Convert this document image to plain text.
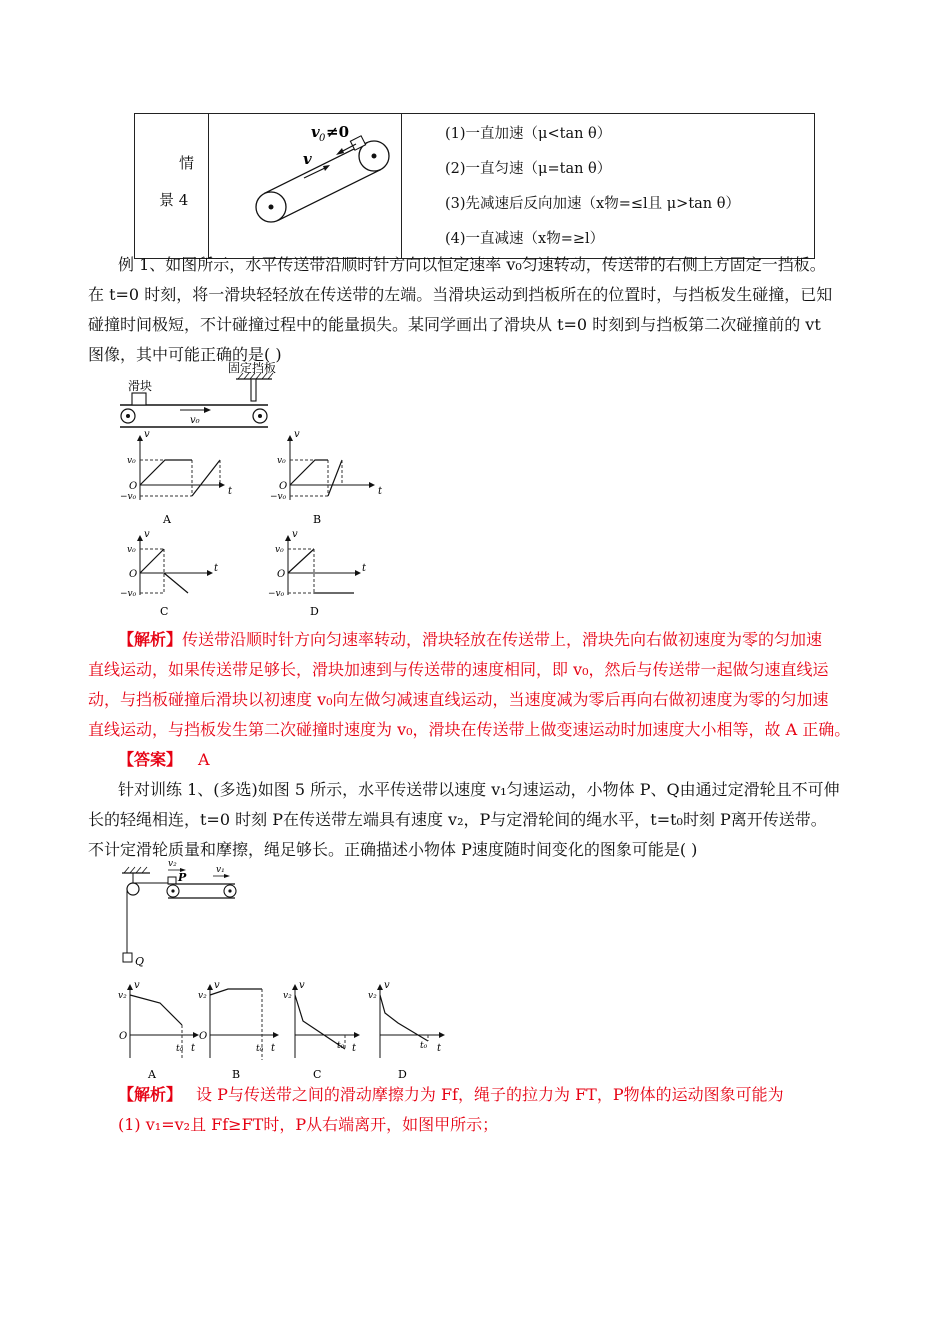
情
景 4

v 0 ≠0
v

(1)一直加速（μ<tan θ）
(2)一直匀速（μ=tan θ）
(3)先减速后反向加速（x物=≤l且 μ>tan θ）
(4)一直减速（x物=≥l）
例 1、如图所示，水平传送带沿顺时针方向以恒定速率 v₀匀速转动，传送带的右侧上方固定一挡板。
在 t=0 时刻，将一滑块轻轻放在传送带的左端。当滑块运动到挡板所在的位置时，与挡板发生碰撞，已知
碰撞时间极短，不计碰撞过程中的能量损失。某同学画出了滑块从 t=0 时刻到与挡板第二次碰撞前的 vt
图像，其中可能正确的是( )
滑块
v₀
固定挡板
v
t
O
v₀
−v₀
A
v
t
O
v₀
−v₀
B
v
t
O
v₀
−v₀
C
v
t
O
v₀
−v₀
D
【解析】传送带沿顺时针方向匀速率转动，滑块轻放在传送带上，滑块先向右做初速度为零的匀加速
直线运动，如果传送带足够长，滑块加速到与传送带的速度相同，即 v₀，然后与传送带一起做匀速直线运
动，与挡板碰撞后滑块以初速度 v₀向左做匀减速直线运动，当速度减为零后再向右做初速度为零的匀加速
直线运动，与挡板发生第二次碰撞时速度为 v₀，滑块在传送带上做变速运动时加速度大小相等，故 A 正确。
【答案】 A
针对训练 1、(多选)如图 5 所示，水平传送带以速度 v₁匀速运动，小物体 P、Q由通过定滑轮且不可伸
长的轻绳相连，t=0 时刻 P在传送带左端具有速度 v₂，P与定滑轮间的绳水平，t=t₀时刻 P离开传送带。
不计定滑轮质量和摩擦，绳足够长。正确描述小物体 P速度随时间变化的图象可能是( )
Q
P
v₂
v₁
v
t
O
v₂
t₀
A
v
t
O
v₂
t₀
B
v
t
v₂
t₀
C
v
t
v₂
t₀
D
【解析】 设 P与传送带之间的滑动摩擦力为 Ff，绳子的拉力为 FT，P物体的运动图象可能为
(1) v₁=v₂且 Ff≥FT时，P从右端离开，如图甲所示；
